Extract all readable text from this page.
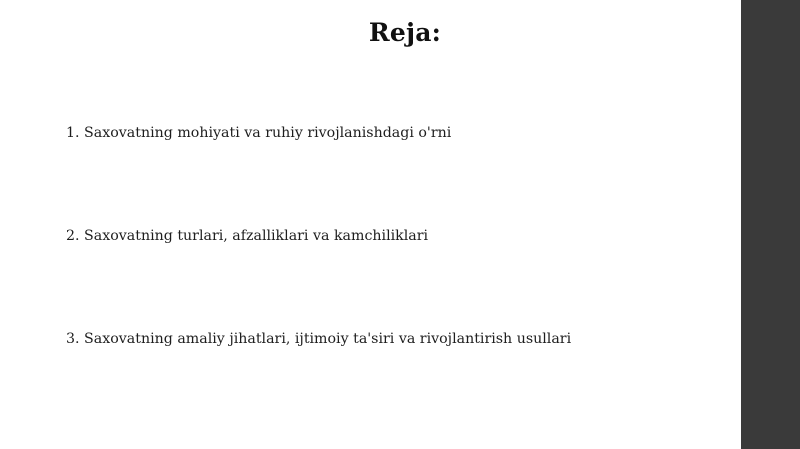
Reja:
1. Saxovatning mohiyati va ruhiy rivojlanishdagi o'rni
2. Saxovatning turlari, afzalliklari va kamchiliklari
3. Saxovatning amaliy jihatlari, ijtimoiy ta'siri va rivojlantirish usullari
